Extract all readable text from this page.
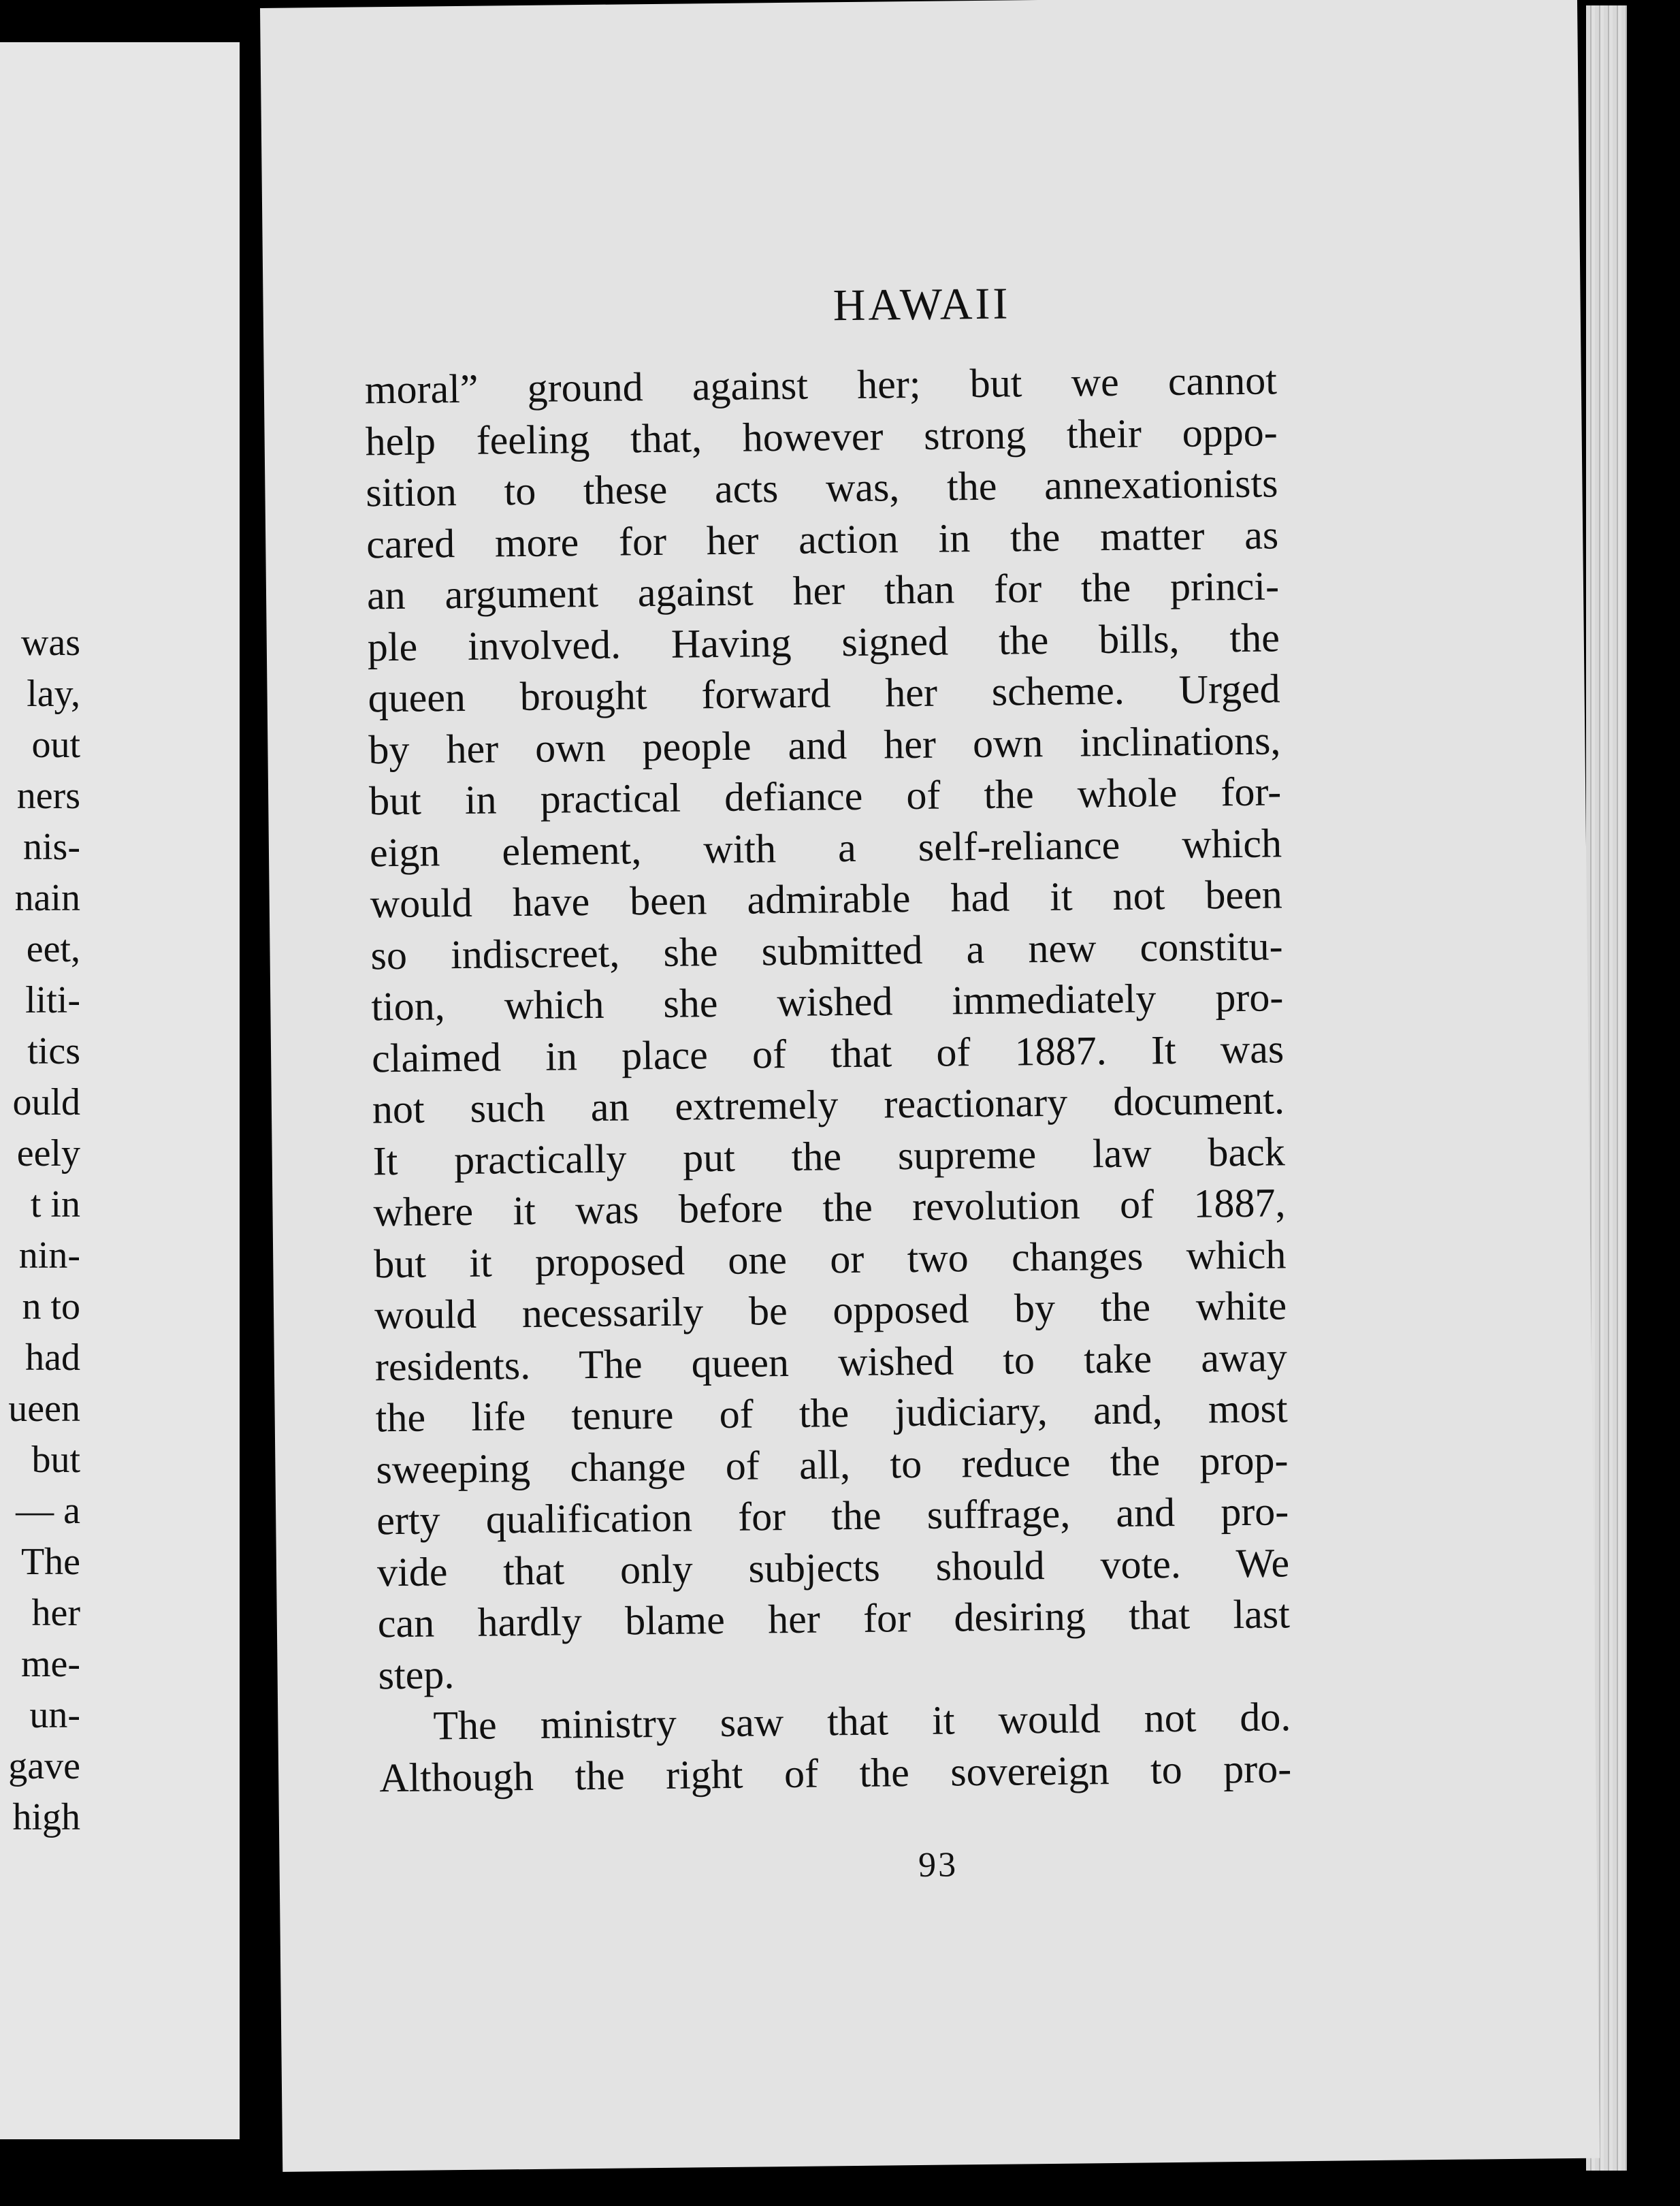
was
lay,
out
ners
nis-
nain
eet,
liti-
tics
ould
eely
t in
nin-
n to
had
ueen
but
— a
The
her
me-
un-
gave
high
HAWAII
moral” ground against her; but we cannot
help feeling that, however strong their oppo-
sition to these acts was, the annexationists
cared more for her action in the matter as
an argument against her than for the princi-
ple involved. Having signed the bills, the
queen brought forward her scheme. Urged
by her own people and her own inclinations,
but in practical defiance of the whole for-
eign element, with a self-reliance which
would have been admirable had it not been
so indiscreet, she submitted a new constitu-
tion, which she wished immediately pro-
claimed in place of that of 1887. It was
not such an extremely reactionary document.
It practically put the supreme law back
where it was before the revolution of 1887,
but it proposed one or two changes which
would necessarily be opposed by the white
residents. The queen wished to take away
the life tenure of the judiciary, and, most
sweeping change of all, to reduce the prop-
erty qualification for the suffrage, and pro-
vide that only subjects should vote. We
can hardly blame her for desiring that last
step.
The ministry saw that it would not do.
Although the right of the sovereign to pro-
93
